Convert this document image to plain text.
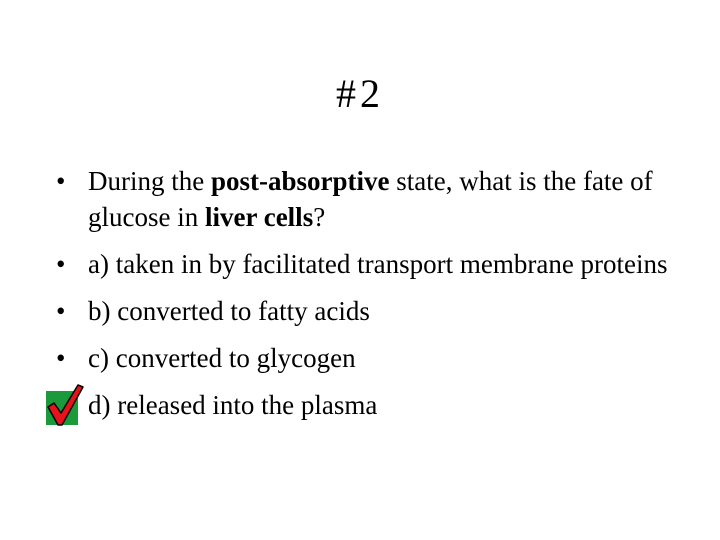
#2
• During the post-absorptive state, what is the fate of glucose in liver cells?
• a) taken in by facilitated transport membrane proteins
• b) converted to fatty acids
• c) converted to glycogen
d) released into the plasma
